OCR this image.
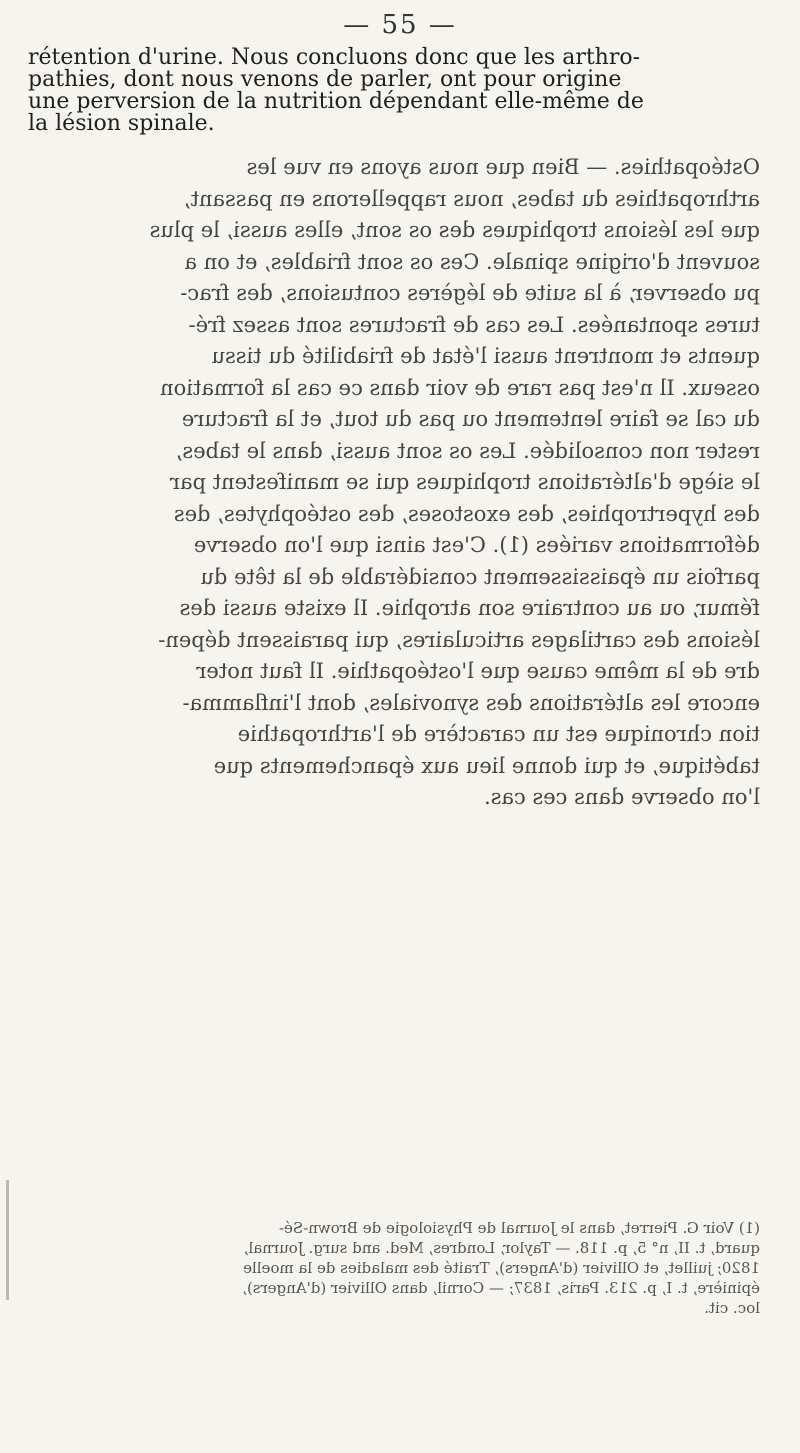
— 55 —
rétention d'urine. Nous concluons donc que les arthro-
pathies, dont nous venons de parler, ont pour origine
une perversion de la nutrition dépendant elle-même de
la lésion spinale.
Ostéopathies. — Bien que nous ayons en vue les
arthropathies du tabes, nous rappellerons en passant,
que les lésions trophiques des os sont, elles aussi, le plus
souvent d'origine spinale. Ces os sont friables, et on a
pu observer, à la suite de légères contusions, des frac-
tures spontanées. Les cas de fractures sont assez fré-
quents et montrent aussi l'état de friabilité du tissu
osseux. Il n'est pas rare de voir dans ce cas la formation
du cal se faire lentement ou pas du tout, et la fracture
rester non consolidée. Les os sont aussi, dans le tabes,
le siège d'altérations trophiques qui se manifestent par
des hypertrophies, des exostoses, des ostéophytes, des
déformations variées (1). C'est ainsi que l'on observe
parfois un épaississement considérable de la tête du
fémur, ou au contraire son atrophie. Il existe aussi des
lésions des cartilages articulaires, qui paraissent dépen-
dre de la même cause que l'ostéopathie. Il faut noter
encore les altérations des synoviales, dont l'inflamma-
tion chronique est un caractère de l'arthropathie
tabétique, et qui donne lieu aux épanchements que
l'on observe dans ces cas.
(1) Voir G. Pierret, dans le Journal de Physiologie de Brown-Sé-
quard, t. II, n° 5, p. 118. — Taylor, Londres, Med. and surg. Journal,
1820; juillet, et Ollivier (d'Angers), Traité des maladies de la moelle
épinière, t. I, p. 213. Paris, 1837; — Cornil, dans Ollivier (d'Angers),
loc. cit.
